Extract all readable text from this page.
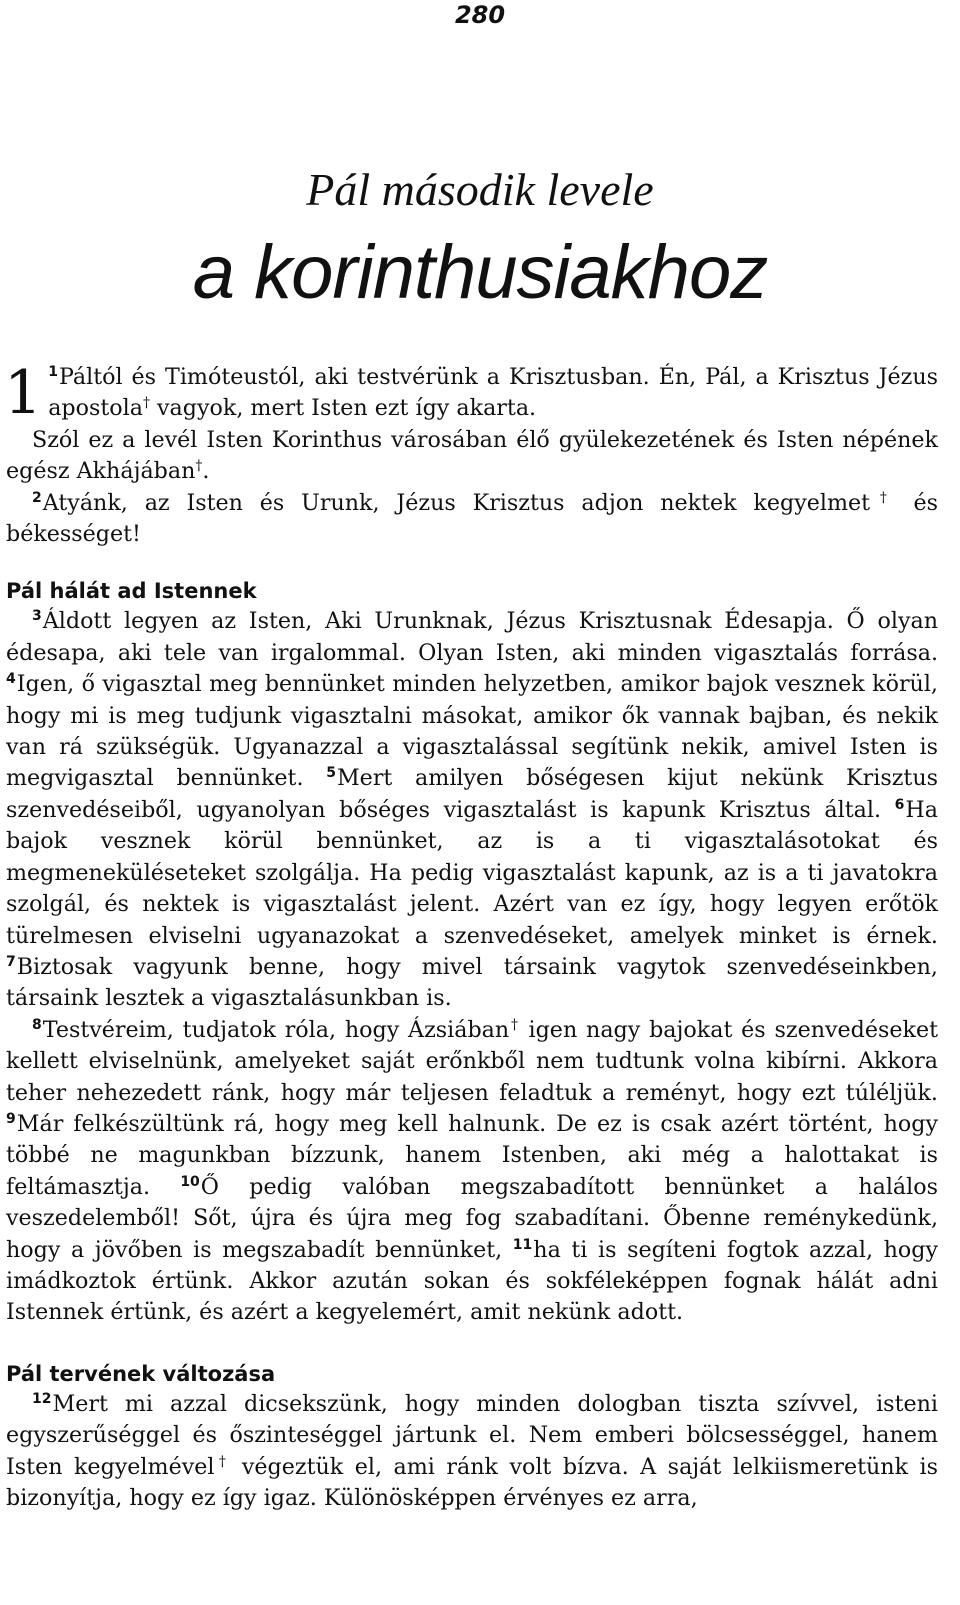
280
Pál második levele
a korinthusiakhoz

1 $^1$Páltól és Timóteustól, aki testvérünk a Krisztusban. Én, Pál, a Krisztus Jézus apostola† vagyok, mert Isten ezt így akarta.

Szól ez a levél Isten Korinthus városában élő gyülekezetének és Isten népének egész Akhájában†.

$^2$Atyánk, az Isten és Urunk, Jézus Krisztus adjon nektek kegyelmet† és békességet!

Pál hálát ad Istennek

$^3$Áldott legyen az Isten, Aki Urunknak, Jézus Krisztusnak Édesapja. Ő olyan édesapa, aki tele van irgalommal. Olyan Isten, aki minden vigasztalás forrása. $^4$Igen, ő vigasztal meg bennünket minden helyzetben, amikor bajok vesznek körül, hogy mi is meg tudjunk vigasztalni másokat, amikor ők vannak bajban, és nekik van rá szükségük. Ugyanazzal a vigasztalással segítünk nekik, amivel Isten is megvigasztal bennünket. $^5$Mert amilyen bőségesen kijut nekünk Krisztus szenvedéseiből, ugyanolyan bőséges vigasztalást is kapunk Krisztus által. $^6$Ha bajok vesznek körül bennünket, az is a ti vigasztalásotokat és megmeneküléseteket szolgálja. Ha pedig vigasztalást kapunk, az is a ti javatokra szolgál, és nektek is vigasztalást jelent. Azért van ez így, hogy legyen erőtök türelmesen elviselni ugyanazokat a szenvedéseket, amelyek minket is érnek. $^7$Biztosak vagyunk benne, hogy mivel társaink vagytok szenvedéseinkben, társaink lesztek a vigasztalásunkban is.

$^8$Testvéreim, tudjatok róla, hogy Ázsiában† igen nagy bajokat és szenvedéseket kellett elviselnünk, amelyeket saját erőnkből nem tudtunk volna kibírni. Akkora teher nehezedett ránk, hogy már teljesen feladtuk a reményt, hogy ezt túléljük. $^9$Már felkészültünk rá, hogy meg kell halnunk. De ez is csak azért történt, hogy többé ne magunkban bízzunk, hanem Istenben, aki még a halottakat is feltámasztja. $^{10}$Ő pedig valóban megszabadított bennünket a halálos veszedelemből! Sőt, újra és újra meg fog szabadítani. Őbenne reménykedünk, hogy a jövőben is megszabadít bennünket, $^{11}$ha ti is segíteni fogtok azzal, hogy imádkoztok értünk. Akkor azután sokan és sokféleképpen fognak hálát adni Istennek értünk, és azért a kegyelemért, amit nekünk adott.

Pál tervének változása

$^{12}$Mert mi azzal dicsekszünk, hogy minden dologban tiszta szívvel, isteni egyszerűséggel és őszinteséggel jártunk el. Nem emberi bölcsességgel, hanem Isten kegyelmével† végeztük el, ami ránk volt bízva. A saját lelkiismeretünk is bizonyítja, hogy ez így igaz. Különösképpen érvényes ez arra,
